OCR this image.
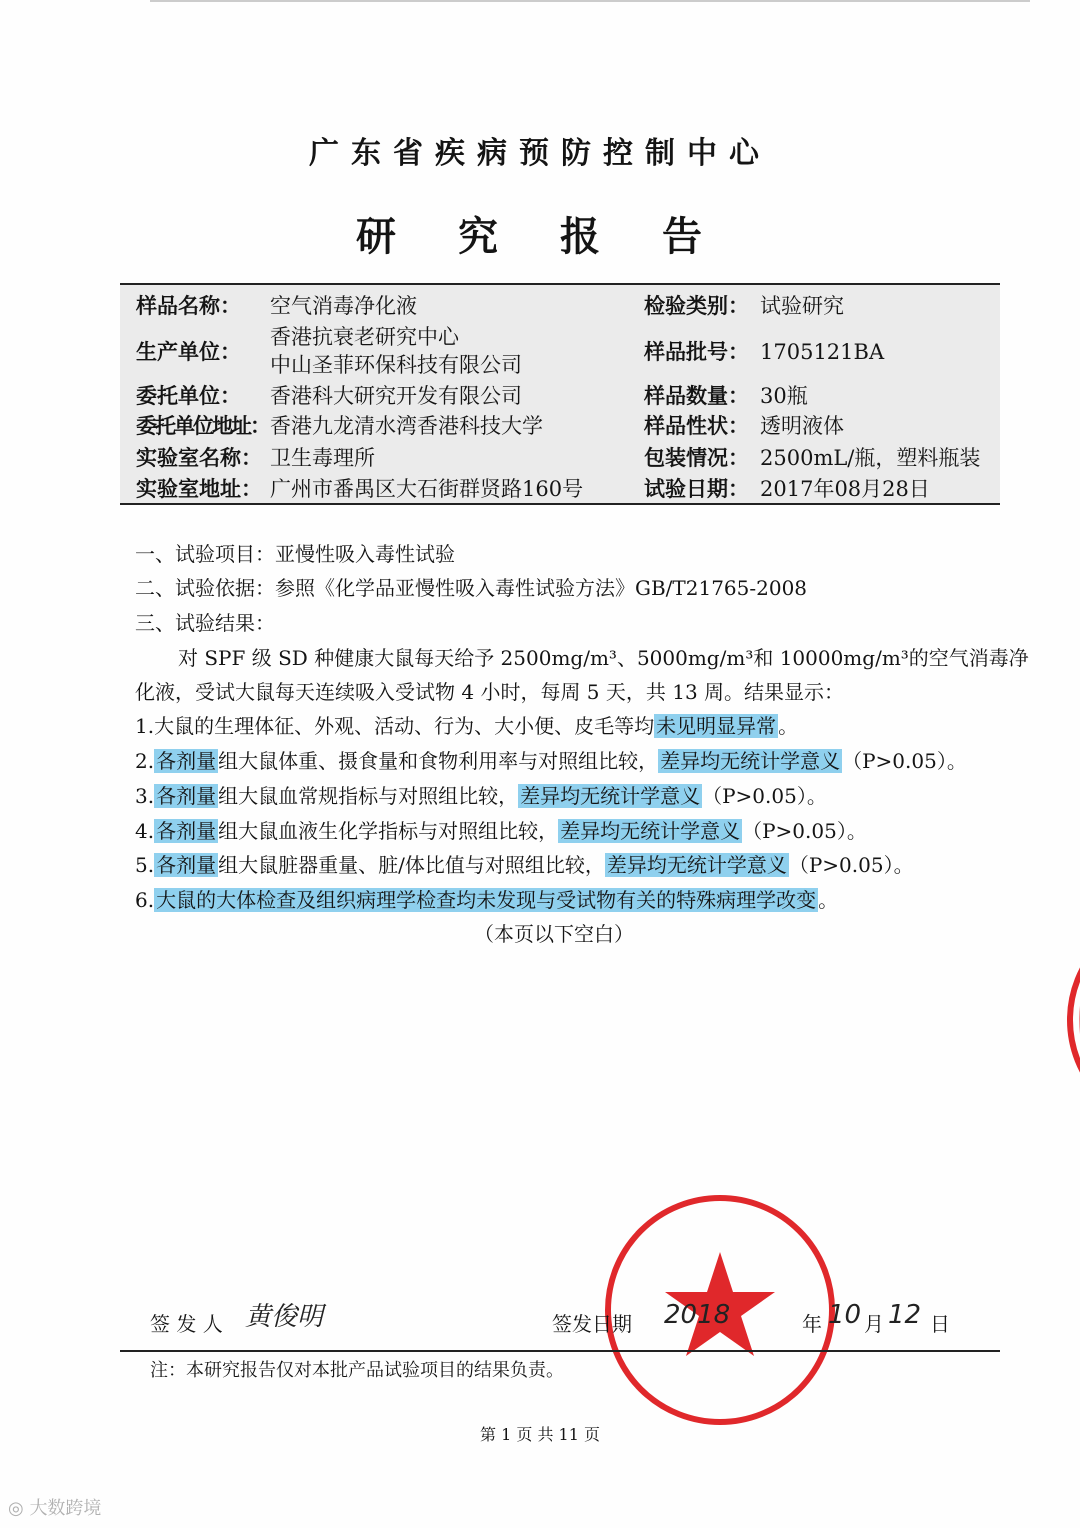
广东省疾病预防控制中心
研究报告
样品名称： 空气消毒净化液
生产单位：
香港抗衰老研究中心
中山圣菲环保科技有限公司
委托单位： 香港科大研究开发有限公司
委托单位地址： 香港九龙清水湾香港科技大学
实验室名称： 卫生毒理所
实验室地址： 广州市番禺区大石街群贤路160号
检验类别： 试验研究
样品批号： 1705121BA
样品数量： 30瓶
样品性状： 透明液体
包装情况： 2500mL/瓶，塑料瓶装
试验日期： 2017年08月28日
一、试验项目：亚慢性吸入毒性试验
二、试验依据：参照《化学品亚慢性吸入毒性试验方法》GB/T21765-2008
三、试验结果：
对 SPF 级 SD 种健康大鼠每天给予 2500mg/m³、5000mg/m³和 10000mg/m³的空气消毒净
化液，受试大鼠每天连续吸入受试物 4 小时，每周 5 天，共 13 周。结果显示：
1.大鼠的生理体征、外观、活动、行为、大小便、皮毛等均 未见明显异常 。
2. 各剂量 组大鼠体重、摄食量和食物利用率与对照组比较， 差异均无统计学意义 （P>0.05）。
3. 各剂量 组大鼠血常规指标与对照组比较， 差异均无统计学意义 （P>0.05）。
4. 各剂量 组大鼠血液生化学指标与对照组比较， 差异均无统计学意义 （P>0.05）。
5. 各剂量 组大鼠脏器重量、脏/体比值与对照组比较， 差异均无统计学意义 （P>0.05）。
6. 大鼠的大体检查及组织病理学检查均未发现与受试物有关的特殊病理学改变 。
（本页以下空白）
签 发 人 黄俊明	签发日期 2018	年 10 月 12 日
注：本研究报告仅对本批产品试验项目的结果负责。
第 1 页 共 11 页
◎ 大数跨境
